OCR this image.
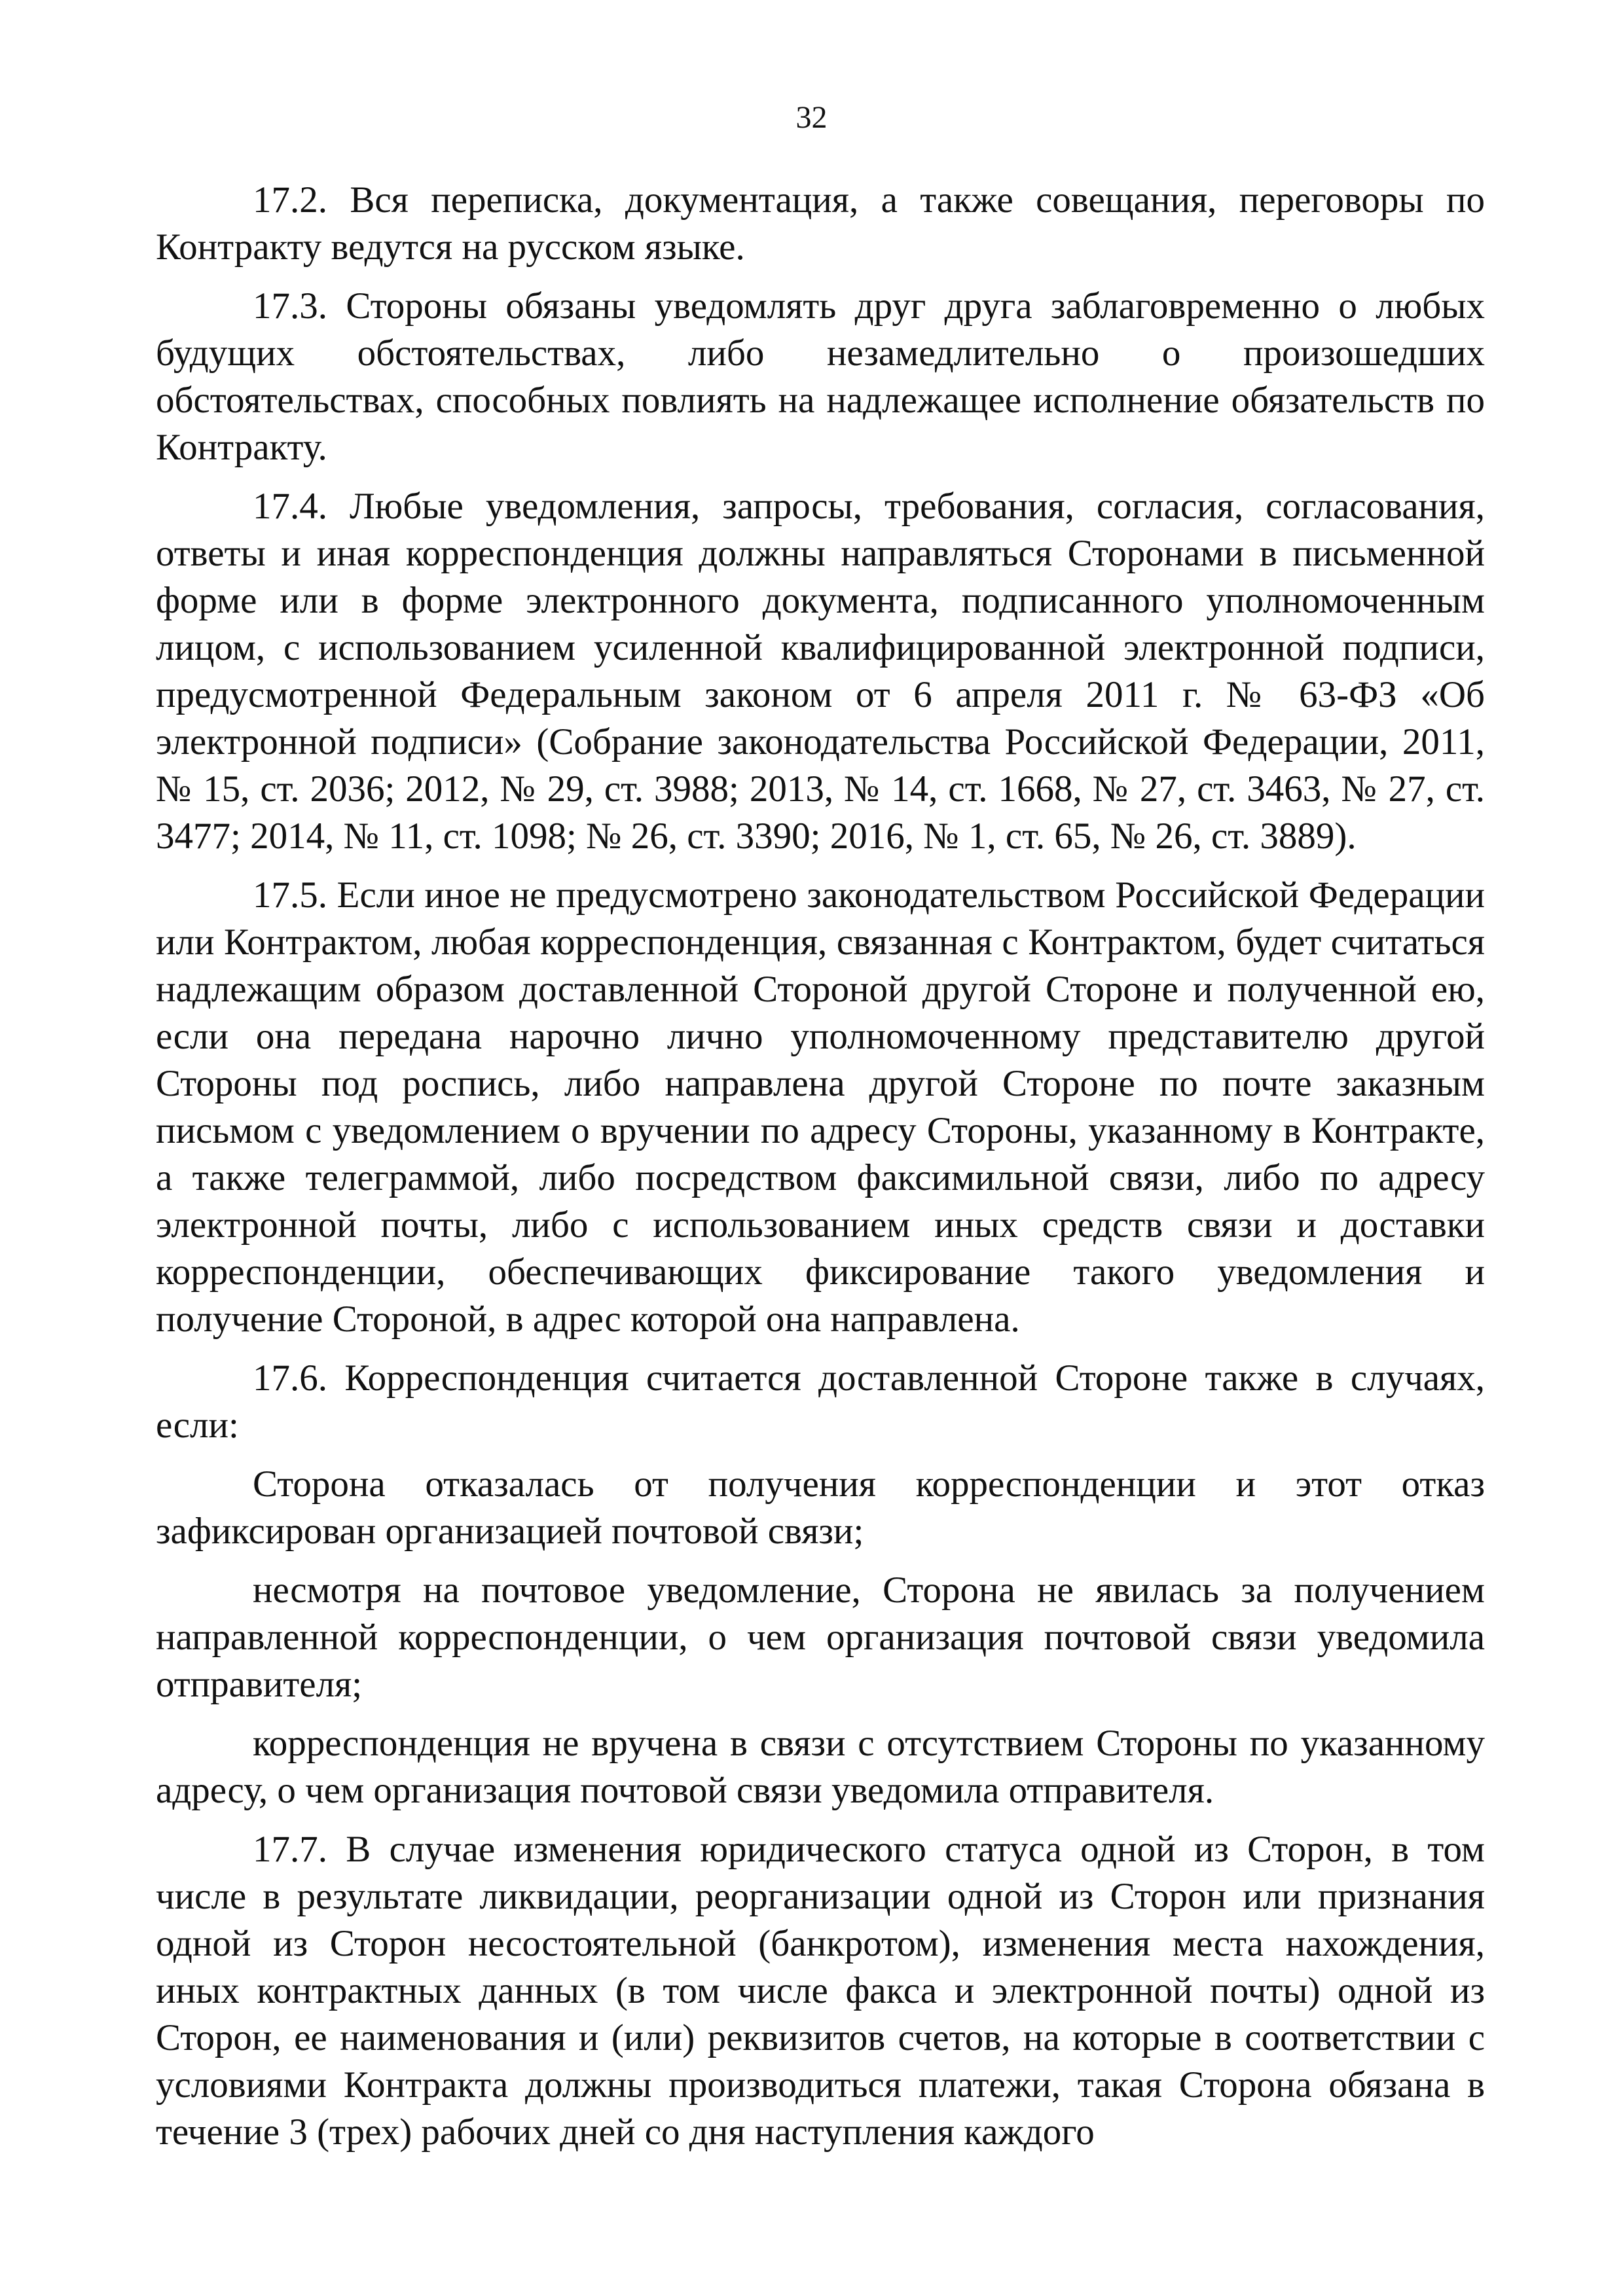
32

17.2. Вся переписка, документация, а также совещания, переговоры по Контракту ведутся на русском языке.

17.3. Стороны обязаны уведомлять друг друга заблаговременно о любых будущих обстоятельствах, либо незамедлительно о произошедших обстоятельствах, способных повлиять на надлежащее исполнение обязательств по Контракту.

17.4. Любые уведомления, запросы, требования, согласия, согласования, ответы и иная корреспонденция должны направляться Сторонами в письменной форме или в форме электронного документа, подписанного уполномоченным лицом, с использованием усиленной квалифицированной электронной подписи, предусмотренной Федеральным законом от 6 апреля 2011 г. № 63-ФЗ «Об электронной подписи» (Собрание законодательства Российской Федерации, 2011, № 15, ст. 2036; 2012, № 29, ст. 3988; 2013, № 14, ст. 1668, № 27, ст. 3463, № 27, ст. 3477; 2014, № 11, ст. 1098; № 26, ст. 3390; 2016, № 1, ст. 65, № 26, ст. 3889).

17.5. Если иное не предусмотрено законодательством Российской Федерации или Контрактом, любая корреспонденция, связанная с Контрактом, будет считаться надлежащим образом доставленной Стороной другой Стороне и полученной ею, если она передана нарочно лично уполномоченному представителю другой Стороны под роспись, либо направлена другой Стороне по почте заказным письмом с уведомлением о вручении по адресу Стороны, указанному в Контракте, а также телеграммой, либо посредством факсимильной связи, либо по адресу электронной почты, либо с использованием иных средств связи и доставки корреспонденции, обеспечивающих фиксирование такого уведомления и получение Стороной, в адрес которой она направлена.

17.6. Корреспонденция считается доставленной Стороне также в случаях, если:

Сторона отказалась от получения корреспонденции и этот отказ зафиксирован организацией почтовой связи;

несмотря на почтовое уведомление, Сторона не явилась за получением направленной корреспонденции, о чем организация почтовой связи уведомила отправителя;

корреспонденция не вручена в связи с отсутствием Стороны по указанному адресу, о чем организация почтовой связи уведомила отправителя.

17.7. В случае изменения юридического статуса одной из Сторон, в том числе в результате ликвидации, реорганизации одной из Сторон или признания одной из Сторон несостоятельной (банкротом), изменения места нахождения, иных контрактных данных (в том числе факса и электронной почты) одной из Сторон, ее наименования и (или) реквизитов счетов, на которые в соответствии с условиями Контракта должны производиться платежи, такая Сторона обязана в течение 3 (трех) рабочих дней со дня наступления каждого
